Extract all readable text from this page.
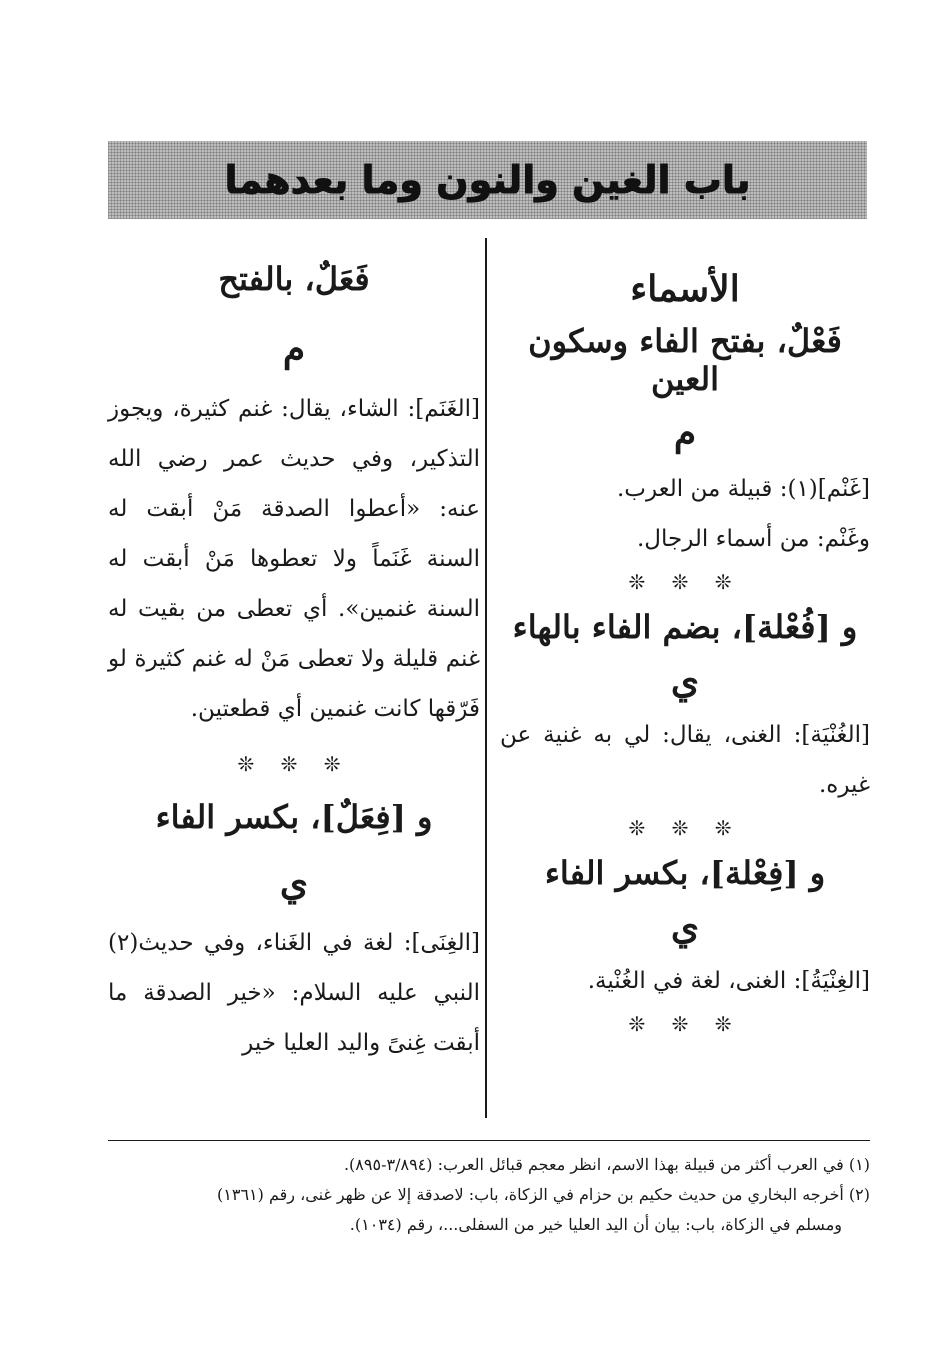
باب الغين والنون وما بعدهما

الأسماء

فَعْلٌ، بفتح الفاء وسكون العين

م

[غَنْم](١): قبيلة من العرب.

وغَنْم: من أسماء الرجال.

❊ ❊ ❊

و [فُعْلة]، بضم الفاء بالهاء

ي

[الغُنْيَة]: الغنى، يقال: لي به غنية عن غيره.

❊ ❊ ❊

و [فِعْلة]، بكسر الفاء

ي

[الغِنْيَةُ]: الغنى، لغة في الغُنْية.

❊ ❊ ❊

فَعَلٌ، بالفتح

م

[الغَنَم]: الشاء، يقال: غنم كثيرة، ويجوز التذكير، وفي حديث عمر رضي الله عنه: «أعطوا الصدقة مَنْ أبقت له السنة غَنَماً ولا تعطوها مَنْ أبقت له السنة غنمين». أي تعطى من بقيت له غنم قليلة ولا تعطى مَنْ له غنم كثيرة لو فَرّقها كانت غنمين أي قطعتين.

❊ ❊ ❊

و [فِعَلٌ]، بكسر الفاء

ي

[الغِنَى]: لغة في الغَناء، وفي حديث(٢) النبي عليه السلام: «خير الصدقة ما أبقت غِنىً واليد العليا خير

(١) في العرب أكثر من قبيلة بهذا الاسم، انظر معجم قبائل العرب: (٣/٨٩٤-٨٩٥).

(٢) أخرجه البخاري من حديث حكيم بن حزام في الزكاة، باب: لاصدقة إلا عن ظهر غنى، رقم (١٣٦١)

ومسلم في الزكاة، باب: بيان أن اليد العليا خير من السفلى...، رقم (١٠٣٤).
